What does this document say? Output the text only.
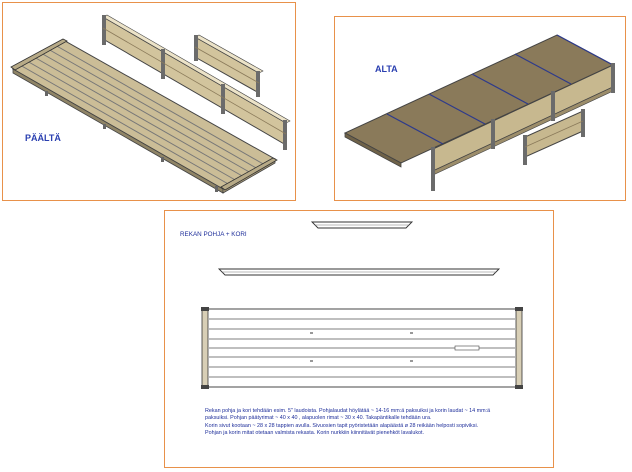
PÄÄLTÄ
ALTA
REKAN POHJA + KORI
Rekan pohja ja kori tehdään esim. 5" laudoista. Pohjalaudat höylätää ~ 14-16 mm:ä paksuiksi ja korin laudat ~ 14 mm:ä
paksuiksi. Pohjan päätyrimat ~ 40 x 40 , alapuolen rimat ~ 30 x 40. Takapäntikalle tehdään ura.
Korin sivut kootaan ~ 28 x 28 tappien avulla. Sivuosien tapit pyöristetään alapäästä ø 28 reikään helposti sopiviksi.
Pohjan ja korin mitat otetaan valmista rekasta. Korin nurkkiin kiinnitävät pienehköt lavalukot.
